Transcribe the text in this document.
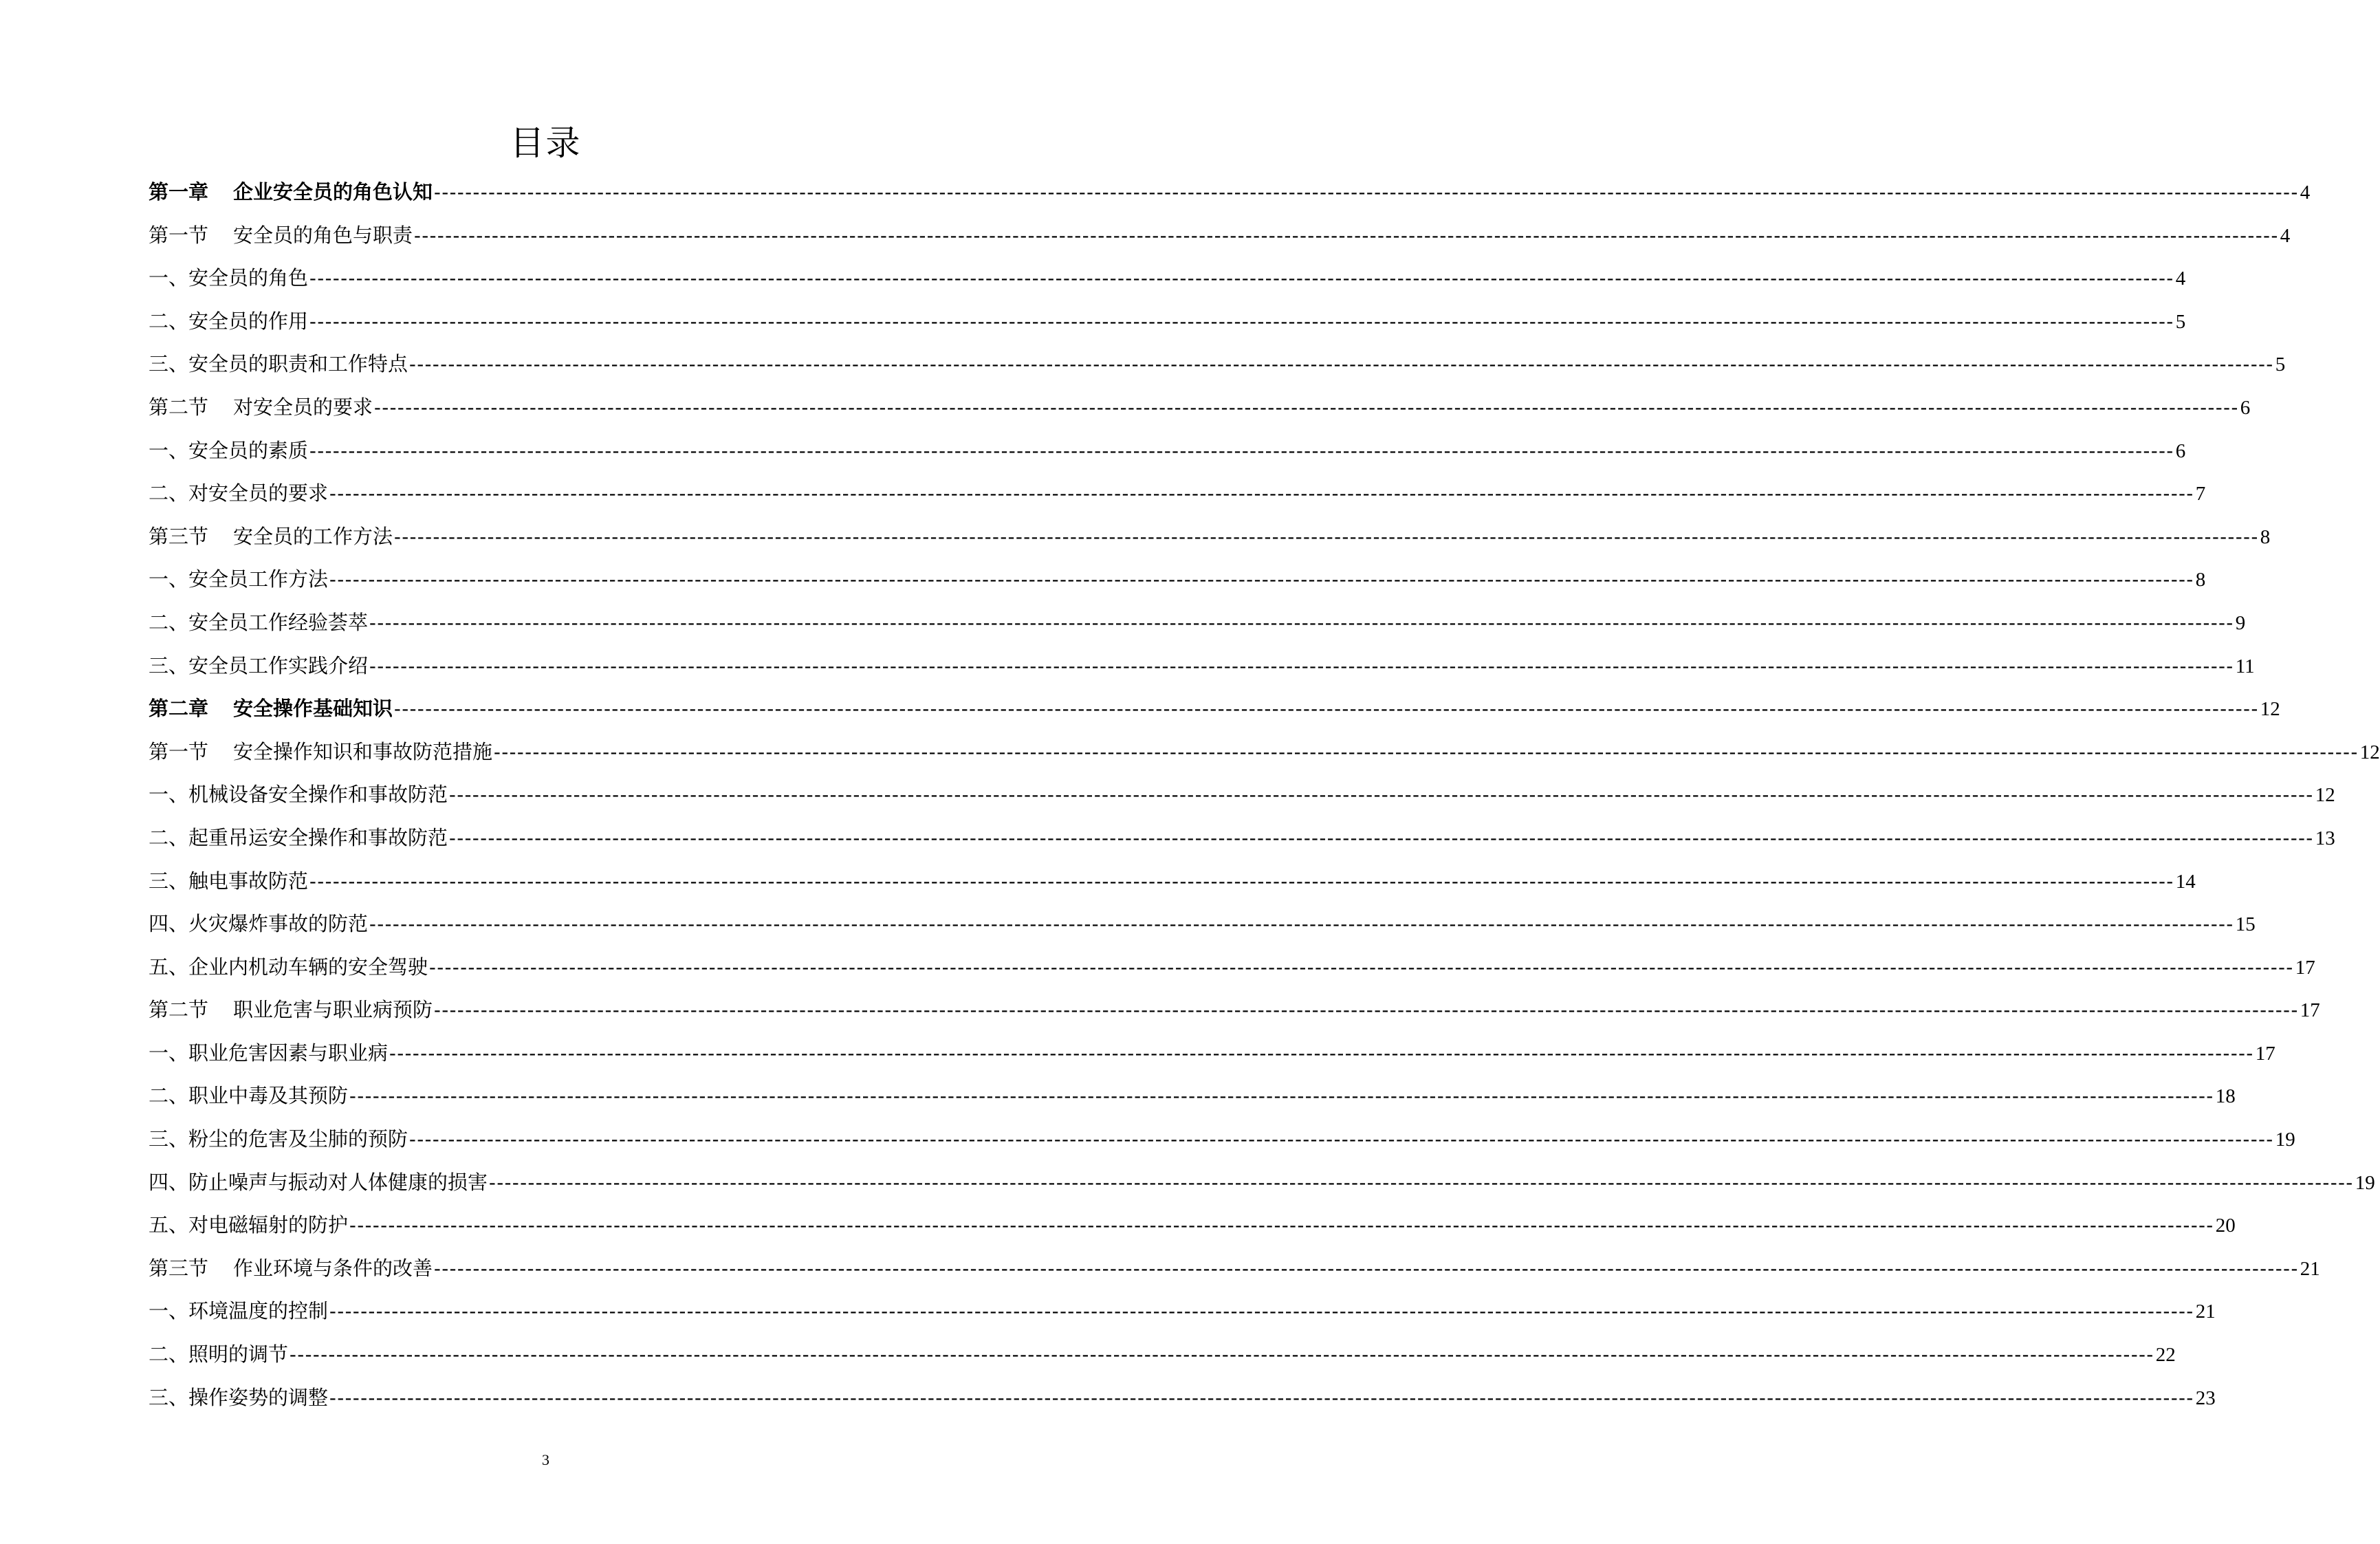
目录
第一章 企业安全员的角色认知 ------------------------------------------------------------------------------------------------------------------------------------------------------------------------------------------------------------------------------------------------ 4
第一节 安全员的角色与职责 ------------------------------------------------------------------------------------------------------------------------------------------------------------------------------------------------------------------------------------------------ 4
一、安全员的角色 ------------------------------------------------------------------------------------------------------------------------------------------------------------------------------------------------------------------------------------------------ 4
二、安全员的作用 ------------------------------------------------------------------------------------------------------------------------------------------------------------------------------------------------------------------------------------------------ 5
三、安全员的职责和工作特点 ------------------------------------------------------------------------------------------------------------------------------------------------------------------------------------------------------------------------------------------------ 5
第二节 对安全员的要求 ------------------------------------------------------------------------------------------------------------------------------------------------------------------------------------------------------------------------------------------------ 6
一、安全员的素质 ------------------------------------------------------------------------------------------------------------------------------------------------------------------------------------------------------------------------------------------------ 6
二、对安全员的要求 ------------------------------------------------------------------------------------------------------------------------------------------------------------------------------------------------------------------------------------------------ 7
第三节 安全员的工作方法 ------------------------------------------------------------------------------------------------------------------------------------------------------------------------------------------------------------------------------------------------ 8
一、安全员工作方法 ------------------------------------------------------------------------------------------------------------------------------------------------------------------------------------------------------------------------------------------------ 8
二、安全员工作经验荟萃 ------------------------------------------------------------------------------------------------------------------------------------------------------------------------------------------------------------------------------------------------ 9
三、安全员工作实践介绍 ------------------------------------------------------------------------------------------------------------------------------------------------------------------------------------------------------------------------------------------------ 11
第二章 安全操作基础知识 ------------------------------------------------------------------------------------------------------------------------------------------------------------------------------------------------------------------------------------------------ 12
第一节 安全操作知识和事故防范措施 ------------------------------------------------------------------------------------------------------------------------------------------------------------------------------------------------------------------------------------------------ 12
一、机械设备安全操作和事故防范 ------------------------------------------------------------------------------------------------------------------------------------------------------------------------------------------------------------------------------------------------ 12
二、起重吊运安全操作和事故防范 ------------------------------------------------------------------------------------------------------------------------------------------------------------------------------------------------------------------------------------------------ 13
三、触电事故防范 ------------------------------------------------------------------------------------------------------------------------------------------------------------------------------------------------------------------------------------------------ 14
四、火灾爆炸事故的防范 ------------------------------------------------------------------------------------------------------------------------------------------------------------------------------------------------------------------------------------------------ 15
五、企业内机动车辆的安全驾驶 ------------------------------------------------------------------------------------------------------------------------------------------------------------------------------------------------------------------------------------------------ 17
第二节 职业危害与职业病预防 ------------------------------------------------------------------------------------------------------------------------------------------------------------------------------------------------------------------------------------------------ 17
一、职业危害因素与职业病 ------------------------------------------------------------------------------------------------------------------------------------------------------------------------------------------------------------------------------------------------ 17
二、职业中毒及其预防 ------------------------------------------------------------------------------------------------------------------------------------------------------------------------------------------------------------------------------------------------ 18
三、粉尘的危害及尘肺的预防 ------------------------------------------------------------------------------------------------------------------------------------------------------------------------------------------------------------------------------------------------ 19
四、防止噪声与振动对人体健康的损害 ------------------------------------------------------------------------------------------------------------------------------------------------------------------------------------------------------------------------------------------------ 19
五、对电磁辐射的防护 ------------------------------------------------------------------------------------------------------------------------------------------------------------------------------------------------------------------------------------------------ 20
第三节 作业环境与条件的改善 ------------------------------------------------------------------------------------------------------------------------------------------------------------------------------------------------------------------------------------------------ 21
一、环境温度的控制 ------------------------------------------------------------------------------------------------------------------------------------------------------------------------------------------------------------------------------------------------ 21
二、照明的调节 ------------------------------------------------------------------------------------------------------------------------------------------------------------------------------------------------------------------------------------------------ 22
三、操作姿势的调整 ------------------------------------------------------------------------------------------------------------------------------------------------------------------------------------------------------------------------------------------------ 23
3
